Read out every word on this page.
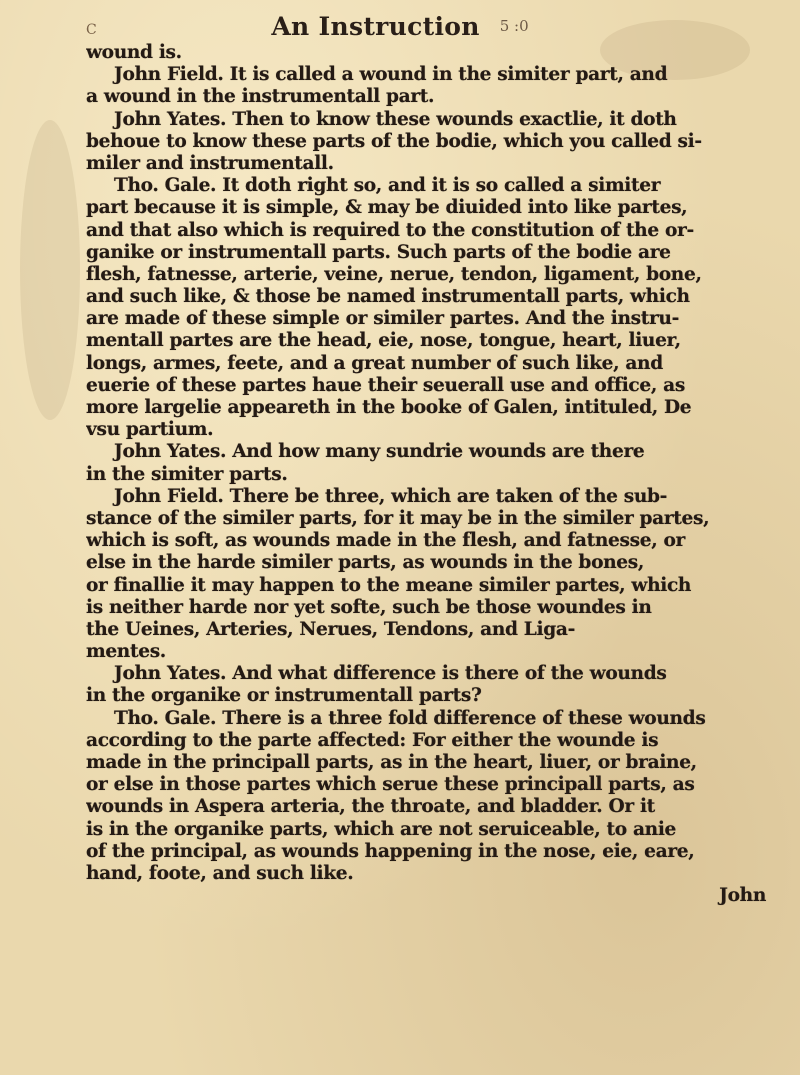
C	An Instruction 5 :0
wound is.
John Field. It is called a wound in the simiter part, and
a wound in the instrumentall part.
John Yates. Then to know these wounds exactlie, it doth
behoue to know these parts of the bodie, which you called si-
miler and instrumentall.
Tho. Gale. It doth right so, and it is so called a simiter
part because it is simple, & may be diuided into like partes,
and that also which is required to the constitution of the or-
ganike or instrumentall parts. Such parts of the bodie are
flesh, fatnesse, arterie, veine, nerue, tendon, ligament, bone,
and such like, & those be named instrumentall parts, which
are made of these simple or similer partes. And the instru-
mentall partes are the head, eie, nose, tongue, heart, liuer,
longs, armes, feete, and a great number of such like, and
euerie of these partes haue their seuerall use and office, as
more largelie appeareth in the booke of Galen, intituled, De
vsu partium.
John Yates. And how many sundrie wounds are there
in the simiter parts.
John Field. There be three, which are taken of the sub-
stance of the similer parts, for it may be in the similer partes,
which is soft, as wounds made in the flesh, and fatnesse, or
else in the harde similer parts, as wounds in the bones,
or finallie it may happen to the meane similer partes, which
is neither harde nor yet softe, such be those woundes in
the Ueines, Arteries, Nerues, Tendons, and Liga-
mentes.
John Yates. And what difference is there of the wounds
in the organike or instrumentall parts?
Tho. Gale. There is a three fold difference of these wounds
according to the parte affected: For either the wounde is
made in the principall parts, as in the heart, liuer, or braine,
or else in those partes which serue these principall parts, as
wounds in Aspera arteria, the throate, and bladder. Or it
is in the organike parts, which are not seruiceable, to anie
of the principal, as wounds happening in the nose, eie, eare,
hand, foote, and such like.
John
